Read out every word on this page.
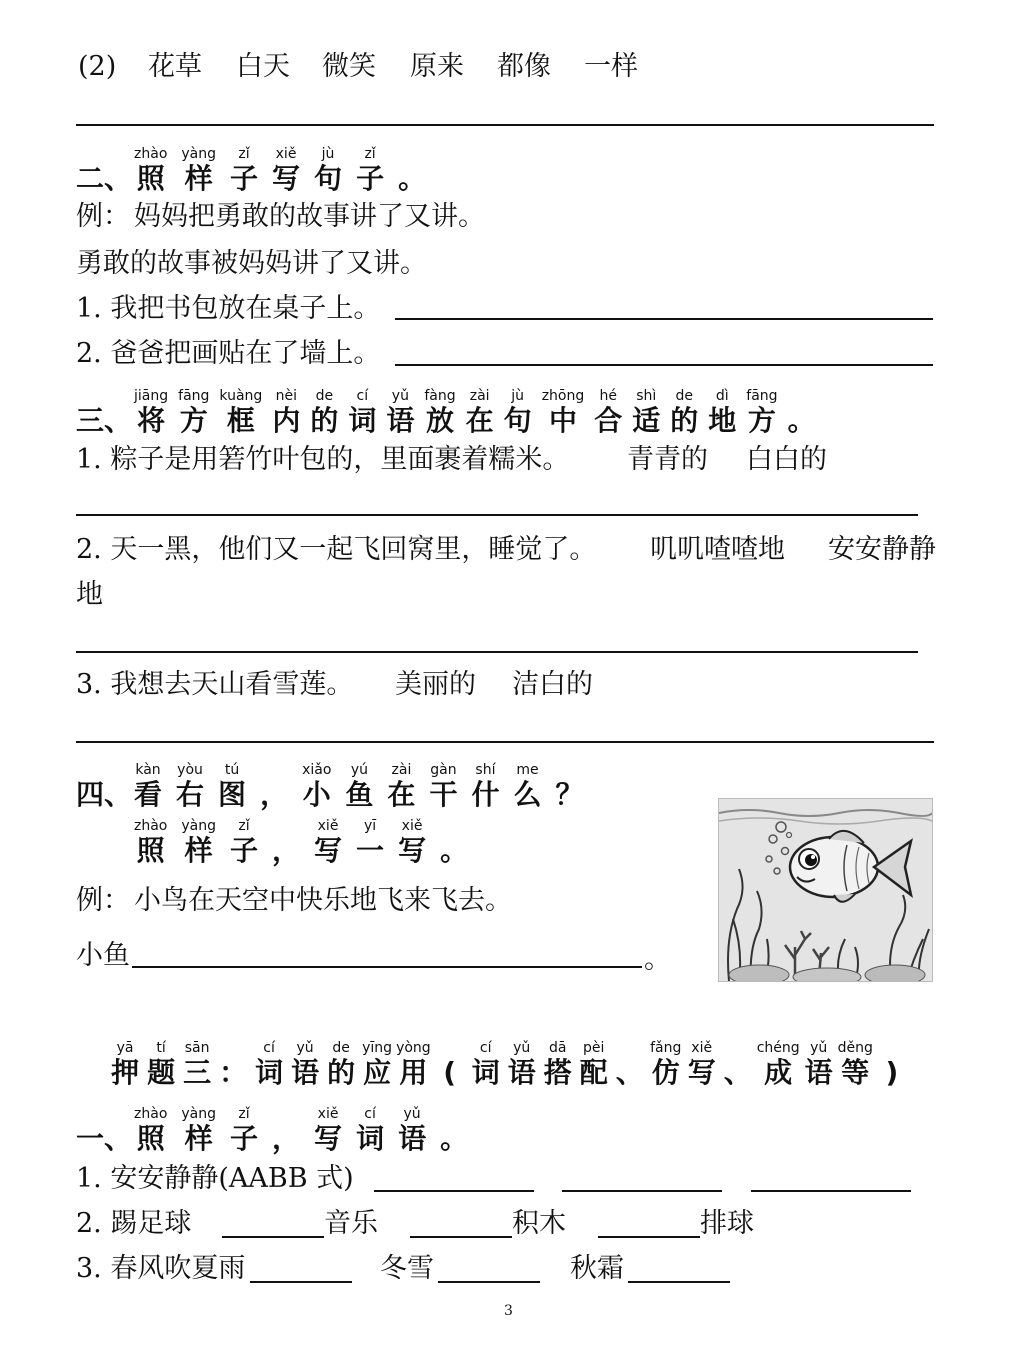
(2) 花草 白天 微笑 原来 都像 一样
二、
zhào
照
yàng
样
zǐ
子
xiě
写
jù
句
zǐ
子 。
例： 妈妈把勇敢的故事讲了又讲。
勇敢的故事被妈妈讲了又讲。
1. 我把书包放在桌子上。
2. 爸爸把画贴在了墙上。
三、
jiāng
将
fāng
方
kuàng
框
nèi
内
de
的
cí
词
yǔ
语
fàng
放
zài
在
jù
句
zhōng
中
hé
合
shì
适
de
的
dì
地
fāng
方 。
1. 粽子是用箬竹叶包的，里面裹着糯米。 青青的 白白的
2. 天一黑，他们又一起飞回窝里，睡觉了。 叽叽喳喳地 安安静静
地
3. 我想去天山看雪莲。 美丽的 洁白的
四、
kàn
看
yòu
右
tú
图 ，
xiǎo
小
yú
鱼
zài
在
gàn
干
shí
什
me
么 ？
zhào
照
yàng
样
zǐ
子 ，
xiě
写
yī
一
xiě
写 。
例： 小鸟在天空中快乐地飞来飞去。
小鱼	。
yā
押
tí
题
sān
三 ：
cí
词
yǔ
语
de
的
yīng
应
yòng
用 (
cí
词
yǔ
语
dā
搭
pèi
配 、
fǎng
仿
xiě
写 、
chéng
成
yǔ
语
děng
等 )
一、
zhào
照
yàng
样
zǐ
子 ，
xiě
写
cí
词
yǔ
语 。
1. 安安静静(AABB 式)
2. 踢足球	音乐	积木	排球
3. 春风吹夏雨	冬雪	秋霜
3
